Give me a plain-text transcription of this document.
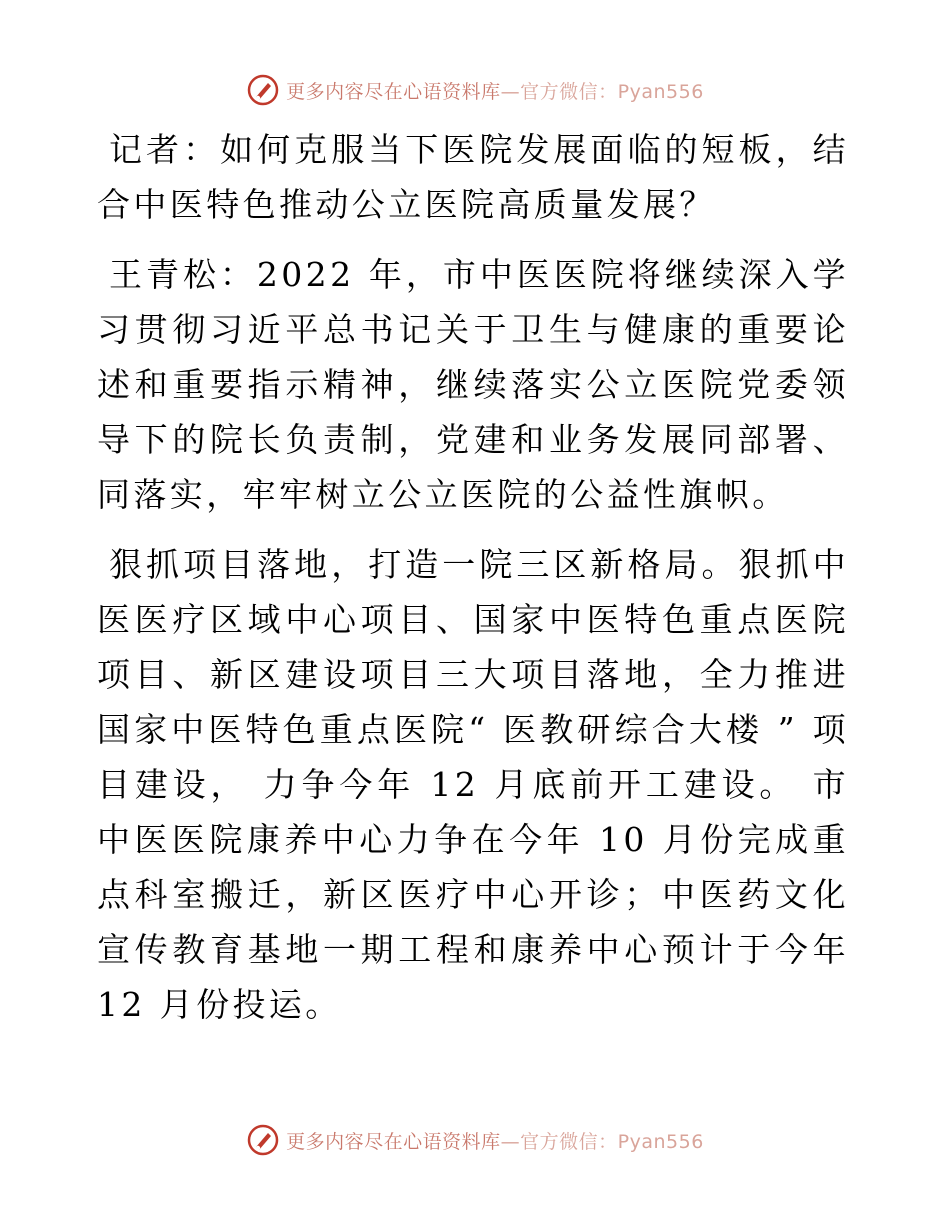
更多内容尽在心语资料库—官方微信：Pyan556

记者：如何克服当下医院发展面临的短板，结合中医特色推动公立医院高质量发展？

王青松：2022 年，市中医医院将继续深入学习贯彻习近平总书记关于卫生与健康的重要论述和重要指示精神，继续落实公立医院党委领导下的院长负责制，党建和业务发展同部署、同落实，牢牢树立公立医院的公益性旗帜。

狠抓项目落地，打造一院三区新格局。狠抓中医医疗区域中心项目、国家中医特色重点医院项目、新区建设项目三大项目落地，全力推进国家中医特色重点医院“ 医教研综合大楼 ” 项目建设， 力争今年 12 月底前开工建设。 市中医医院康养中心力争在今年 10 月份完成重点科室搬迁，新区医疗中心开诊；中医药文化宣传教育基地一期工程和康养中心预计于今年 12 月份投运。

更多内容尽在心语资料库—官方微信：Pyan556
